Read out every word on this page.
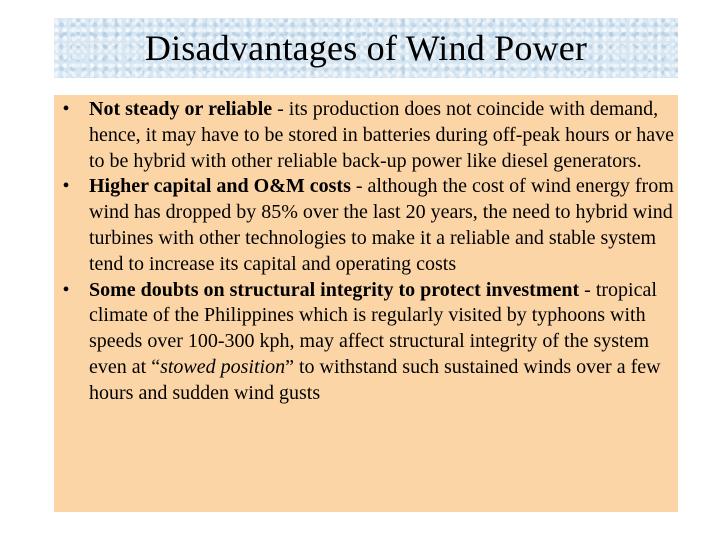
Disadvantages of Wind Power
• Not steady or reliable - its production does not coincide with demand, hence, it may have to be stored in batteries during off-peak hours or have to be hybrid with other reliable back-up power like diesel generators.
• Higher capital and O&M costs - although the cost of wind energy from wind has dropped by 85% over the last 20 years, the need to hybrid wind turbines with other technologies to make it a reliable and stable system tend to increase its capital and operating costs
• Some doubts on structural integrity to protect investment - tropical climate of the Philippines which is regularly visited by typhoons with speeds over 100-300 kph, may affect structural integrity of the system even at “stowed position” to withstand such sustained winds over a few hours and sudden wind gusts
